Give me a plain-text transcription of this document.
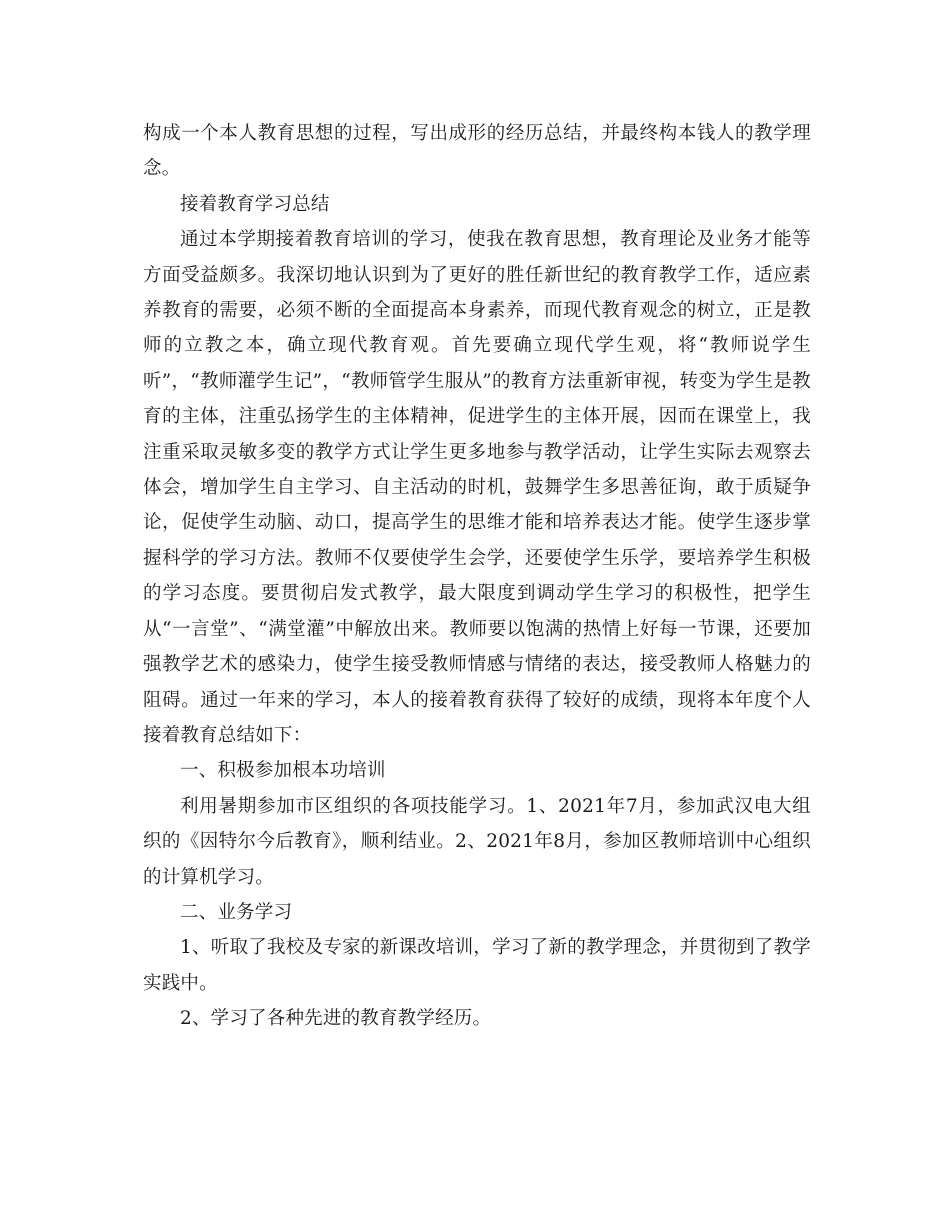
构成一个本人教育思想的过程，写出成形的经历总结，并最终构本钱人的教学理念。

接着教育学习总结

通过本学期接着教育培训的学习，使我在教育思想，教育理论及业务才能等方面受益颇多。我深切地认识到为了更好的胜任新世纪的教育教学工作，适应素养教育的需要，必须不断的全面提高本身素养，而现代教育观念的树立，正是教师的立教之本，确立现代教育观。首先要确立现代学生观，将“教师说学生听”，“教师灌学生记”，“教师管学生服从”的教育方法重新审视，转变为学生是教育的主体，注重弘扬学生的主体精神，促进学生的主体开展，因而在课堂上，我注重采取灵敏多变的教学方式让学生更多地参与教学活动，让学生实际去观察去体会，增加学生自主学习、自主活动的时机，鼓舞学生多思善征询，敢于质疑争论，促使学生动脑、动口，提高学生的思维才能和培养表达才能。使学生逐步掌握科学的学习方法。教师不仅要使学生会学，还要使学生乐学，要培养学生积极的学习态度。要贯彻启发式教学，最大限度到调动学生学习的积极性，把学生从“一言堂”、“满堂灌”中解放出来。教师要以饱满的热情上好每一节课，还要加强教学艺术的感染力，使学生接受教师情感与情绪的表达，接受教师人格魅力的阻碍。通过一年来的学习，本人的接着教育获得了较好的成绩，现将本年度个人接着教育总结如下：

一、积极参加根本功培训

利用暑期参加市区组织的各项技能学习。1、2021年7月，参加武汉电大组织的《因特尔今后教育》，顺利结业。2、2021年8月，参加区教师培训中心组织的计算机学习。

二、业务学习

1、听取了我校及专家的新课改培训，学习了新的教学理念，并贯彻到了教学实践中。

2、学习了各种先进的教育教学经历。
